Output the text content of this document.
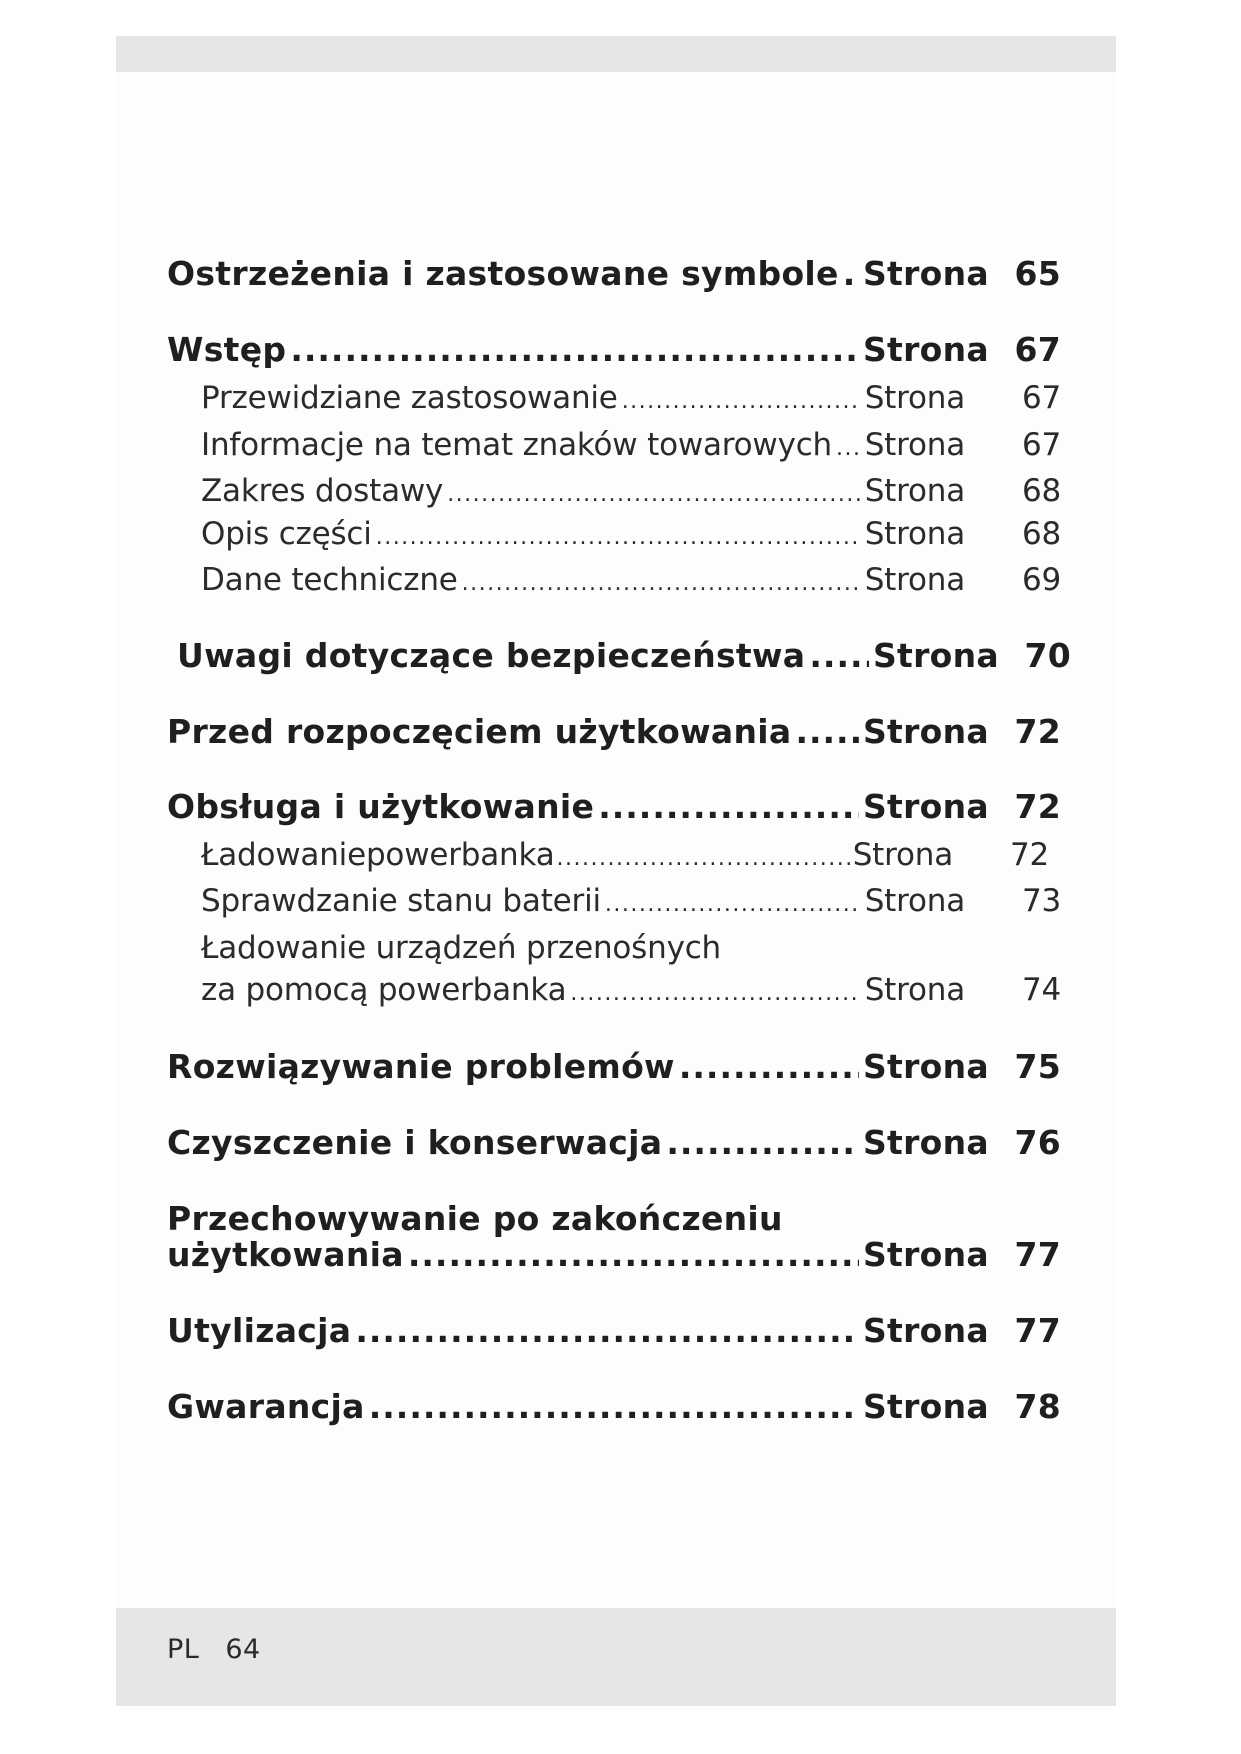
Ostrzeżenia i zastosowane symbole ..... Strona 65
Wstęp .....	Strona 67
Przewidziane zastosowanie .....	Strona	67
Informacje na temat znaków towarowych ..... Strona	67
Zakres dostawy .....	Strona	68
Opis części .....	Strona	68
Dane techniczne .....	Strona	69
Uwagi dotyczące bezpieczeństwa ..... Strona 70
Przed rozpoczęciem użytkowania ..... Strona 72
Obsługa i użytkowanie .....	Strona 72
Ładowaniepowerbanka .....	Strona	72
Sprawdzanie stanu baterii .....	Strona	73
Ładowanie urządzeń przenośnych
za pomocą powerbanka .....	Strona	74
Rozwiązywanie problemów .....	Strona 75
Czyszczenie i konserwacja .....	Strona 76
Przechowywanie po zakończeniu
użytkowania .....	Strona 77
Utylizacja .....	Strona 77
Gwarancja .....	Strona 78
PL 64
